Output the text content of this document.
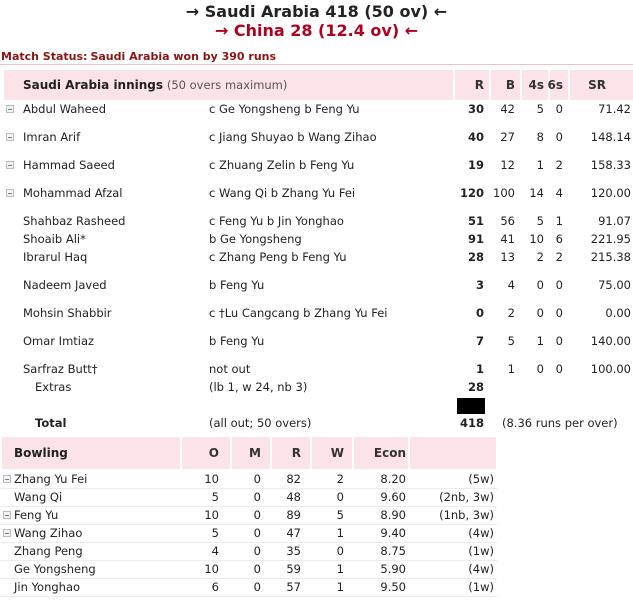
→ Saudi Arabia 418 (50 ov) ←
→ China 28 (12.4 ov) ←
Match Status: Saudi Arabia won by 390 runs
Saudi Arabia innings (50 overs maximum)	R B 4s 6s SR
Abdul Waheed	c Ge Yongsheng b Feng Yu	30 42 5 0	71.42
Imran Arif	c Jiang Shuyao b Wang Zihao	40 27 8 0 148.14
Hammad Saeed	c Zhuang Zelin b Feng Yu	19 12 1 2 158.33
Mohammad Afzal	c Wang Qi b Zhang Yu Fei	120 100 14 4 120.00
Shahbaz Rasheed	c Feng Yu b Jin Yonghao	51 56 5 1	91.07
Shoaib Ali*	b Ge Yongsheng	91 41 10 6 221.95
Ibrarul Haq	c Zhang Peng b Feng Yu	28 13 2 2 215.38
Nadeem Javed	b Feng Yu	3 4 0 0	75.00
Mohsin Shabbir	c †Lu Cangcang b Zhang Yu Fei	0 2 0 0	0.00
Omar Imtiaz	b Feng Yu	7 5 1 0 140.00
Sarfraz Butt†	not out	1 1 0 0 100.00
Extras	(lb 1, w 24, nb 3)	28
Total	(all out; 50 overs)	418 (8.36 runs per over)
Bowling	O	M	R W Econ
Zhang Yu Fei	10	0 82	2	8.20	(5w)
Wang Qi	5	0 48	0	9.60	(2nb, 3w)
Feng Yu	10	0 89	5	8.90	(1nb, 3w)
Wang Zihao	5	0 47	1	9.40	(4w)
Zhang Peng	4	0 35	0	8.75	(1w)
Ge Yongsheng	10	0 59	1	5.90	(4w)
Jin Yonghao	6	0 57	1	9.50	(1w)
